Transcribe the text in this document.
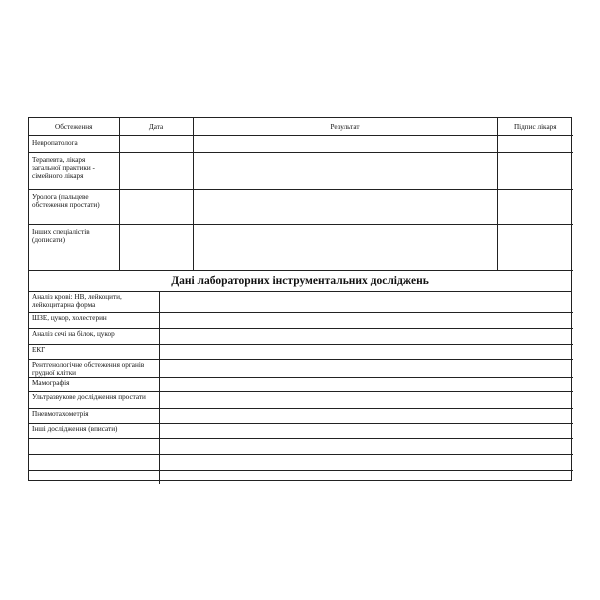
Обстеження	Дата	Результат	Підпис лікаря
Невропатолога			
Терапевта, лікаря загальної практики - сімейного лікаря			
Уролога (пальцеве обстеження простати)			
Інших спеціалістів (дописати)			
Дані лабораторних інструментальних досліджень
Аналіз крові: НВ, лейкоцити, лейкоцитарна форма	
ШЗЕ, цукор, холестерин	
Аналіз сечі на білок, цукор	
ЕКГ	
Рентгенологічне обстеження органів грудної клітки	
Мамографія	
Ультразвукове дослідження простати	
Пневмотахометрія	
Інші дослідження (вписати)	
